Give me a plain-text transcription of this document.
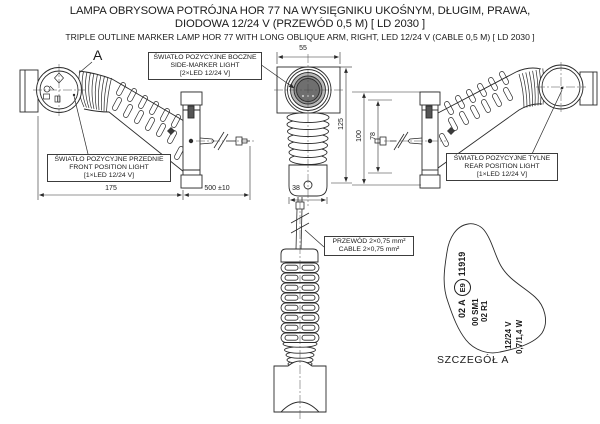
LAMPA OBRYSOWA POTRÓJNA HOR 77 NA WYSIĘGNIKU UKOŚNYM, DŁUGIM, PRAWA,
DIODOWA 12/24 V (PRZEWÓD 0,5 M) [ LD 2030 ]
TRIPLE OUTLINE MARKER LAMP HOR 77 WITH LONG OBLIQUE ARM, RIGHT, LED 12/24 V (CABLE 0,5 M) [ LD 2030 ]
ŚWIATŁO POZYCYJNE BOCZNE
SIDE-MARKER LIGHT
[2×LED 12/24 V]
ŚWIATŁO POZYCYJNE PRZEDNIE
FRONT POSITION LIGHT
[1×LED 12/24 V]
ŚWIATŁO POZYCYJNE TYLNE
REAR POSITION LIGHT
[1×LED 12/24 V]
PRZEWÓD 2×0,75 mm²
CABLE 2×0,75 mm²
55
175	500 ±10	38
125
100 78
A
02 A
E9
11919
00 SM1 02 R1
12/24 V 0,7/1,4 W
SZCZEGÓŁ A
